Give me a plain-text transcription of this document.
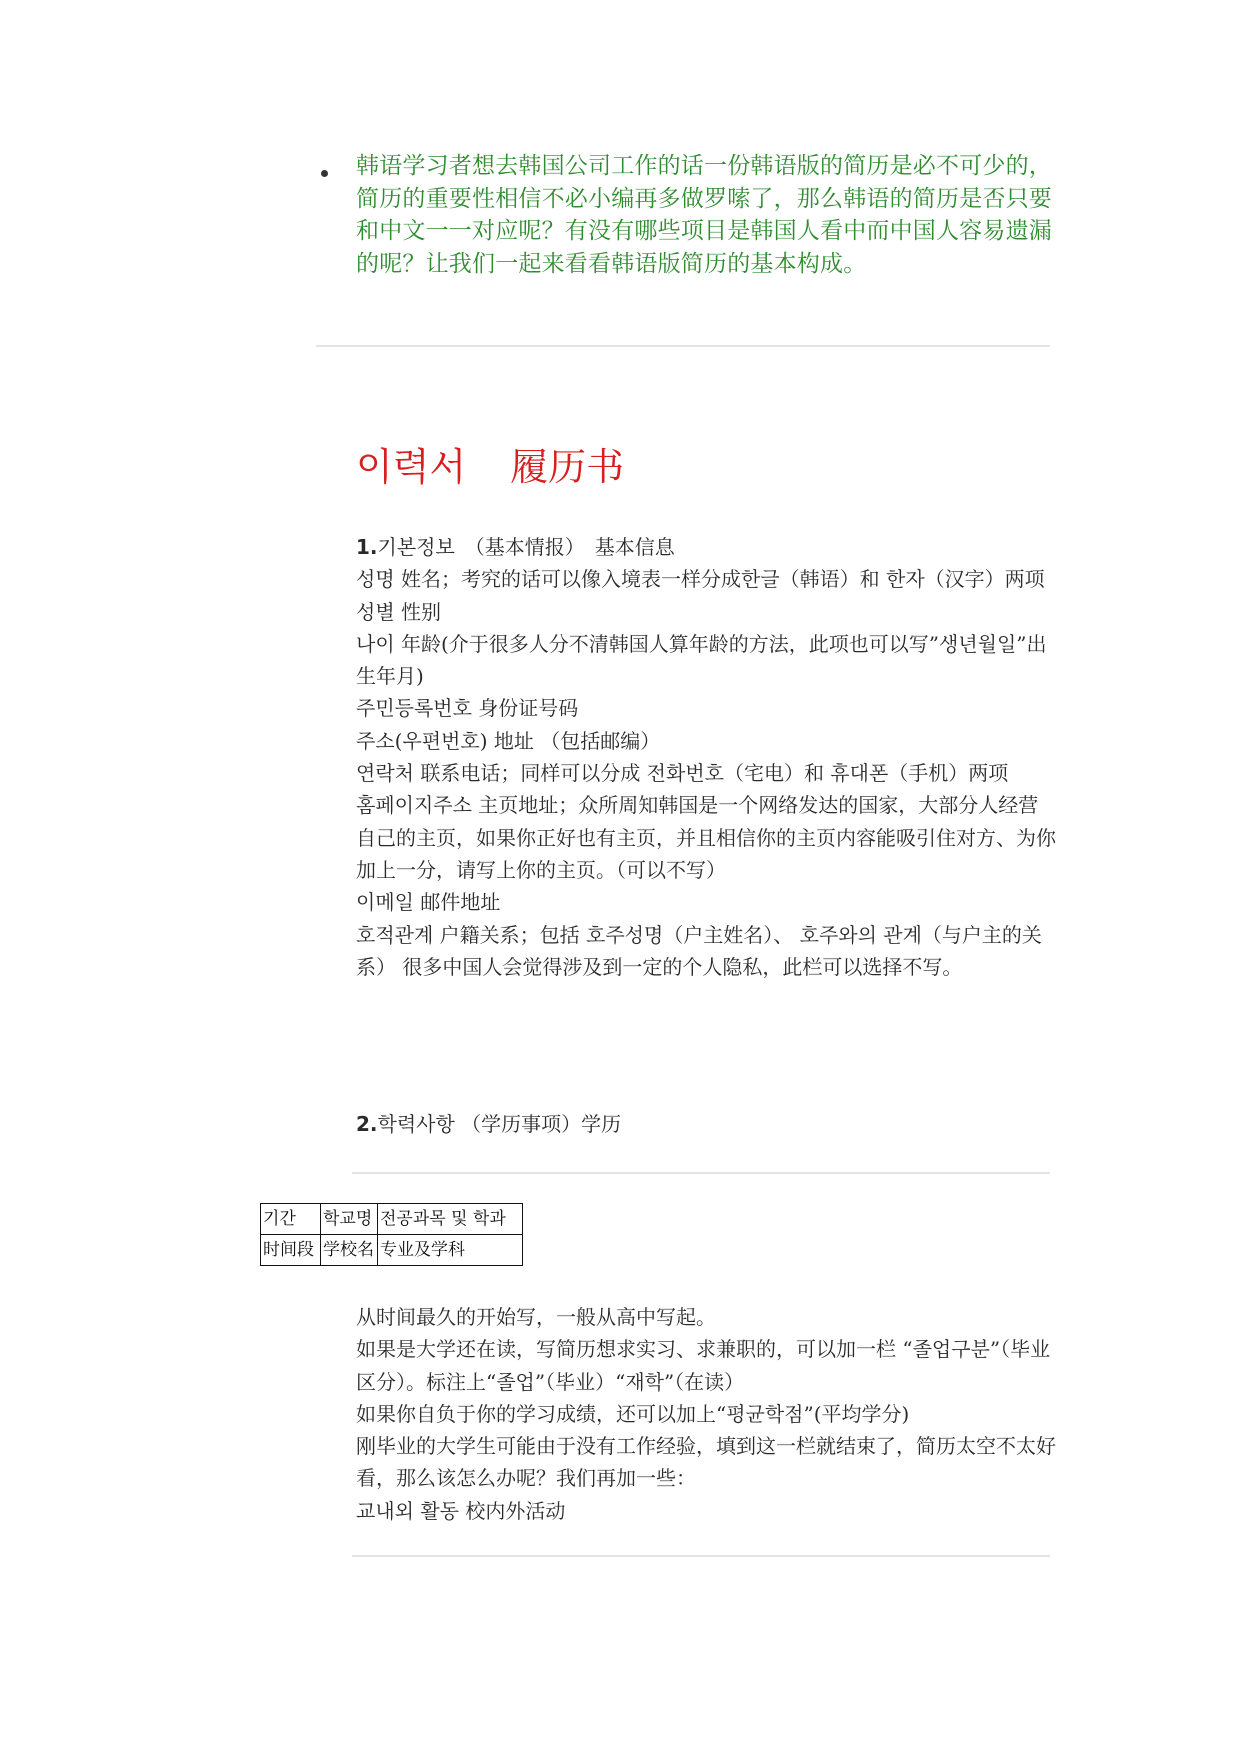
韩语学习者想去韩国公司工作的话一份韩语版的简历是必不可少的，简历的重要性相信不必小编再多做罗嗦了，那么韩语的简历是否只要和中文一一对应呢？有没有哪些项目是韩国人看中而中国人容易遗漏的呢？让我们一起来看看韩语版简历的基本构成。

이력서 履历书

1.기본정보　（基本情报）　基本信息

성명 姓名；考究的话可以像入境表一样分成한글（韩语）和 한자（汉字）两项

성별 性别

나이 年龄(介于很多人分不清韩国人算年龄的方法，此项也可以写”생년월일”出生年月)

주민등록번호 身份证号码

주소(우편번호) 地址 （包括邮编）

연락처 联系电话；同样可以分成 전화번호（宅电）和 휴대폰（手机）两项

홈페이지주소 主页地址；众所周知韩国是一个网络发达的国家，大部分人经营自己的主页，如果你正好也有主页，并且相信你的主页内容能吸引住对方、为你加上一分，请写上你的主页。（可以不写）

이메일 邮件地址

호적관계 户籍关系；包括 호주성명（户主姓名）、 호주와의 관계（与户主的关系） 很多中国人会觉得涉及到一定的个人隐私，此栏可以选择不写。

2.학력사항 （学历事项）学历

기간	학교명	전공과목 및 학과
时间段	学校名	专业及学科

从时间最久的开始写，一般从高中写起。

如果是大学还在读，写简历想求实习、求兼职的，可以加一栏 “졸업구분”（毕业区分）。标注上“졸업”（毕业）“재학”（在读）

如果你自负于你的学习成绩，还可以加上“평균학점”(平均学分)

刚毕业的大学生可能由于没有工作经验，填到这一栏就结束了，简历太空不太好看，那么该怎么办呢？我们再加一些：

교내외 활동 校内外活动
